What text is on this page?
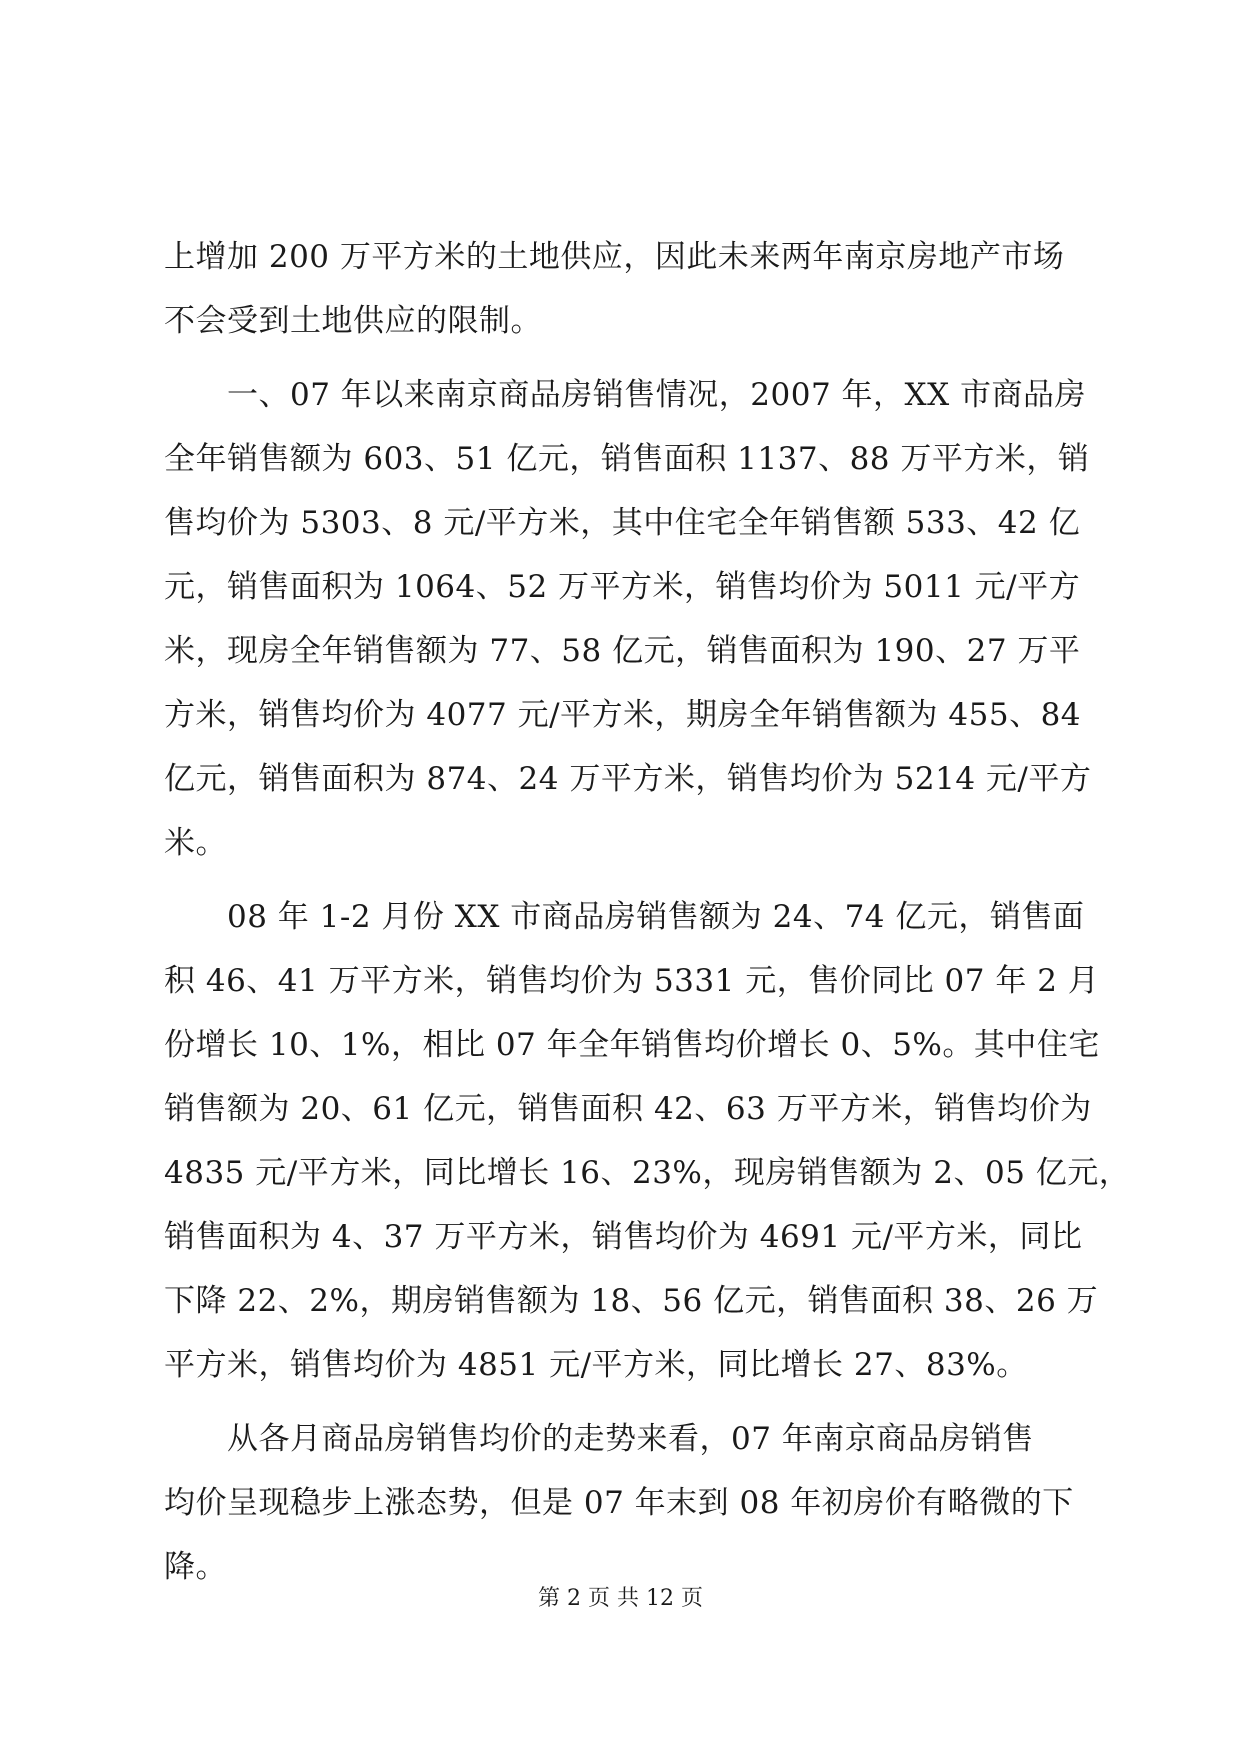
上增加 200 万平方米的土地供应，因此未来两年南京房地产市场
不会受到土地供应的限制。
　　一、07 年以来南京商品房销售情况，2007 年，XX 市商品房
全年销售额为 603、51 亿元，销售面积 1137、88 万平方米，销
售均价为 5303、8 元/平方米，其中住宅全年销售额 533、42 亿
元，销售面积为 1064、52 万平方米，销售均价为 5011 元/平方
米，现房全年销售额为 77、58 亿元，销售面积为 190、27 万平
方米，销售均价为 4077 元/平方米，期房全年销售额为 455、84
亿元，销售面积为 874、24 万平方米，销售均价为 5214 元/平方
米。
　　08 年 1-2 月份 XX 市商品房销售额为 24、74 亿元，销售面
积 46、41 万平方米，销售均价为 5331 元，售价同比 07 年 2 月
份增长 10、1%，相比 07 年全年销售均价增长 0、5%。其中住宅
销售额为 20、61 亿元，销售面积 42、63 万平方米，销售均价为
4835 元/平方米，同比增长 16、23%，现房销售额为 2、05 亿元，
销售面积为 4、37 万平方米，销售均价为 4691 元/平方米，同比
下降 22、2%，期房销售额为 18、56 亿元，销售面积 38、26 万
平方米，销售均价为 4851 元/平方米，同比增长 27、83%。
　　从各月商品房销售均价的走势来看，07 年南京商品房销售
均价呈现稳步上涨态势，但是 07 年末到 08 年初房价有略微的下
降。
第 2 页 共 12 页
